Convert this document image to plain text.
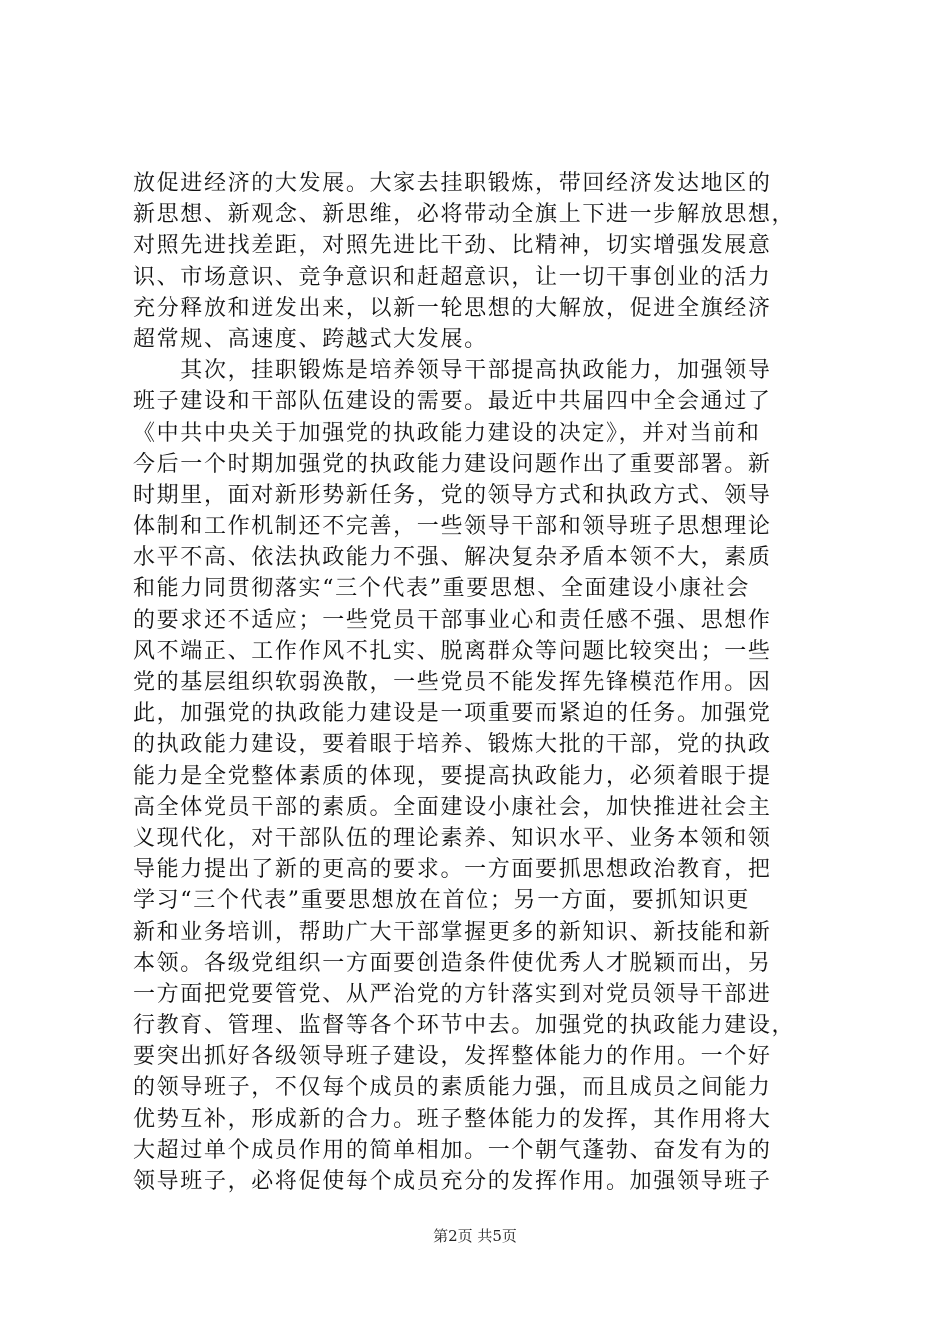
放促进经济的大发展。大家去挂职锻炼，带回经济发达地区的
新思想、新观念、新思维，必将带动全旗上下进一步解放思想，
对照先进找差距，对照先进比干劲、比精神，切实增强发展意
识、市场意识、竞争意识和赶超意识，让一切干事创业的活力
充分释放和迸发出来，以新一轮思想的大解放，促进全旗经济
超常规、高速度、跨越式大发展。
　　其次，挂职锻炼是培养领导干部提高执政能力，加强领导
班子建设和干部队伍建设的需要。最近中共届四中全会通过了
《中共中央关于加强党的执政能力建设的决定》，并对当前和
今后一个时期加强党的执政能力建设问题作出了重要部署。新
时期里，面对新形势新任务，党的领导方式和执政方式、领导
体制和工作机制还不完善，一些领导干部和领导班子思想理论
水平不高、依法执政能力不强、解决复杂矛盾本领不大，素质
和能力同贯彻落实“三个代表”重要思想、全面建设小康社会
的要求还不适应；一些党员干部事业心和责任感不强、思想作
风不端正、工作作风不扎实、脱离群众等问题比较突出；一些
党的基层组织软弱涣散，一些党员不能发挥先锋模范作用。因
此，加强党的执政能力建设是一项重要而紧迫的任务。加强党
的执政能力建设，要着眼于培养、锻炼大批的干部，党的执政
能力是全党整体素质的体现，要提高执政能力，必须着眼于提
高全体党员干部的素质。全面建设小康社会，加快推进社会主
义现代化，对干部队伍的理论素养、知识水平、业务本领和领
导能力提出了新的更高的要求。一方面要抓思想政治教育，把
学习“三个代表”重要思想放在首位；另一方面，要抓知识更
新和业务培训，帮助广大干部掌握更多的新知识、新技能和新
本领。各级党组织一方面要创造条件使优秀人才脱颖而出，另
一方面把党要管党、从严治党的方针落实到对党员领导干部进
行教育、管理、监督等各个环节中去。加强党的执政能力建设，
要突出抓好各级领导班子建设，发挥整体能力的作用。一个好
的领导班子，不仅每个成员的素质能力强，而且成员之间能力
优势互补，形成新的合力。班子整体能力的发挥，其作用将大
大超过单个成员作用的简单相加。一个朝气蓬勃、奋发有为的
领导班子，必将促使每个成员充分的发挥作用。加强领导班子
第2页 共5页
